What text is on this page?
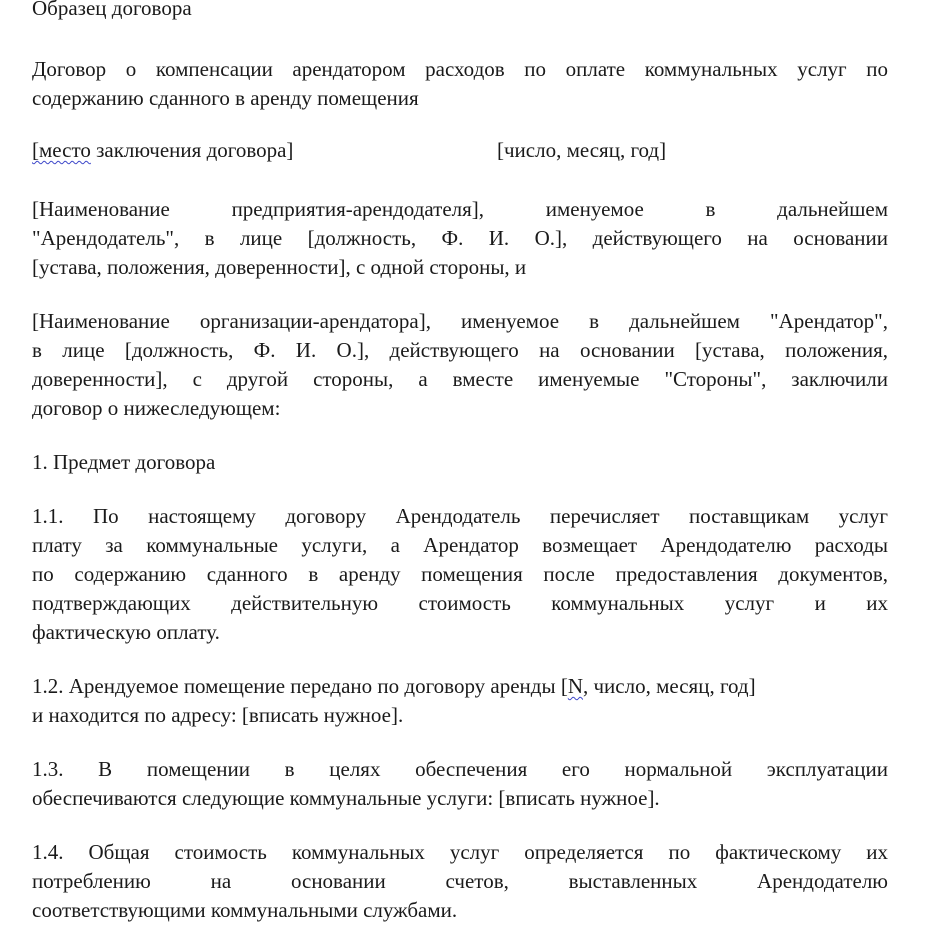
Образец договора

Договор о компенсации арендатором расходов по оплате коммунальных услуг по

содержанию сданного в аренду помещения

[место заключения договора]	[число, месяц, год]

[Наименование предприятия-арендодателя], именуемое в дальнейшем

"Арендодатель", в лице [должность, Ф. И. О.], действующего на основании

[устава, положения, доверенности], с одной стороны, и

[Наименование организации-арендатора], именуемое в дальнейшем "Арендатор",

в лице [должность, Ф. И. О.], действующего на основании [устава, положения,

доверенности], с другой стороны, а вместе именуемые "Стороны", заключили

договор о нижеследующем:

1. Предмет договора

1.1. По настоящему договору Арендодатель перечисляет поставщикам услуг

плату за коммунальные услуги, а Арендатор возмещает Арендодателю расходы

по содержанию сданного в аренду помещения после предоставления документов,

подтверждающих действительную стоимость коммунальных услуг и их

фактическую оплату.

1.2. Арендуемое помещение передано по договору аренды [N, число, месяц, год]

и находится по адресу: [вписать нужное].

1.3. В помещении в целях обеспечения его нормальной эксплуатации

обеспечиваются следующие коммунальные услуги: [вписать нужное].

1.4. Общая стоимость коммунальных услуг определяется по фактическому их

потреблению на основании счетов, выставленных Арендодателю

соответствующими коммунальными службами.
